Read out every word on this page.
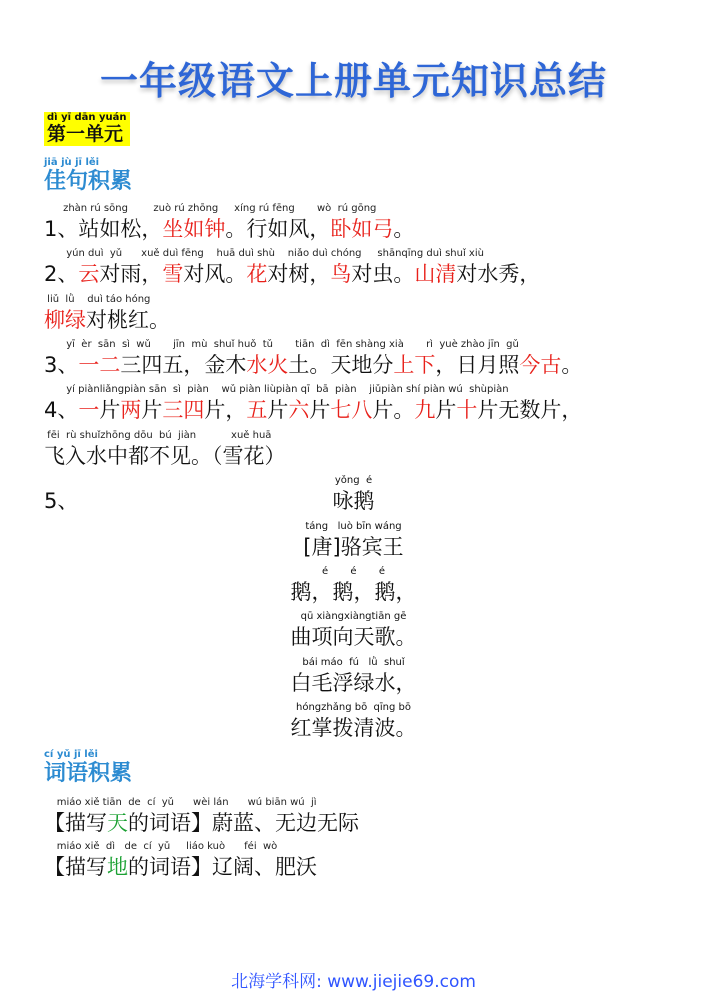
一年级语文上册单元知识总结
dì yī dān yuán
第一单元
jiā jù jī lěi
佳句积累
zhàn rú sōng        zuò rú zhōng     xíng rú fēng       wò  rú gōng
1、站如松，坐如钟。行如风，卧如弓。
yún duì  yǔ      xuě duì fēng    huā duì shù    niǎo duì chóng     shānqīng duì shuǐ xiù
2、云对雨，雪对风。花对树，鸟对虫。山清对水秀，
liǔ  lǜ    duì táo hóng
柳绿对桃红。
yī  èr  sān  sì  wǔ       jīn  mù  shuǐ huǒ  tǔ       tiān  dì  fēn shàng xià       rì  yuè zhào jīn  gǔ
3、一二三四五，金木水火土。天地分上下，日月照今古。
yí piànliǎngpiàn sān  sì  piàn    wǔ piàn liùpiàn qī  bā  piàn    jiǔpiàn shí piàn wú  shùpiàn
4、一片两片三四片，五片六片七八片。九片十片无数片，
fēi  rù shuǐzhōng dōu  bú  jiàn           xuě huā
飞入水中都不见。（雪花）

5、
yǒng  é
咏鹅
táng   luò bīn wáng
[唐]骆宾王
é       é       é
鹅，鹅，鹅，
qū xiàngxiàngtiān gē
曲项向天歌。
bái máo  fú   lǜ  shuǐ
白毛浮绿水，
hóngzhǎng bō  qīng bō
红掌拨清波。
cí yǔ jī lěi
词语积累
miáo xiě tiān  de  cí  yǔ      wèi lán      wú biān wú  jì
【描写天的词语】蔚蓝、无边无际
miáo xiě  dì   de  cí  yǔ     liáo kuò      féi  wò
【描写地的词语】辽阔、肥沃
北海学科网: www.jiejie69.com
